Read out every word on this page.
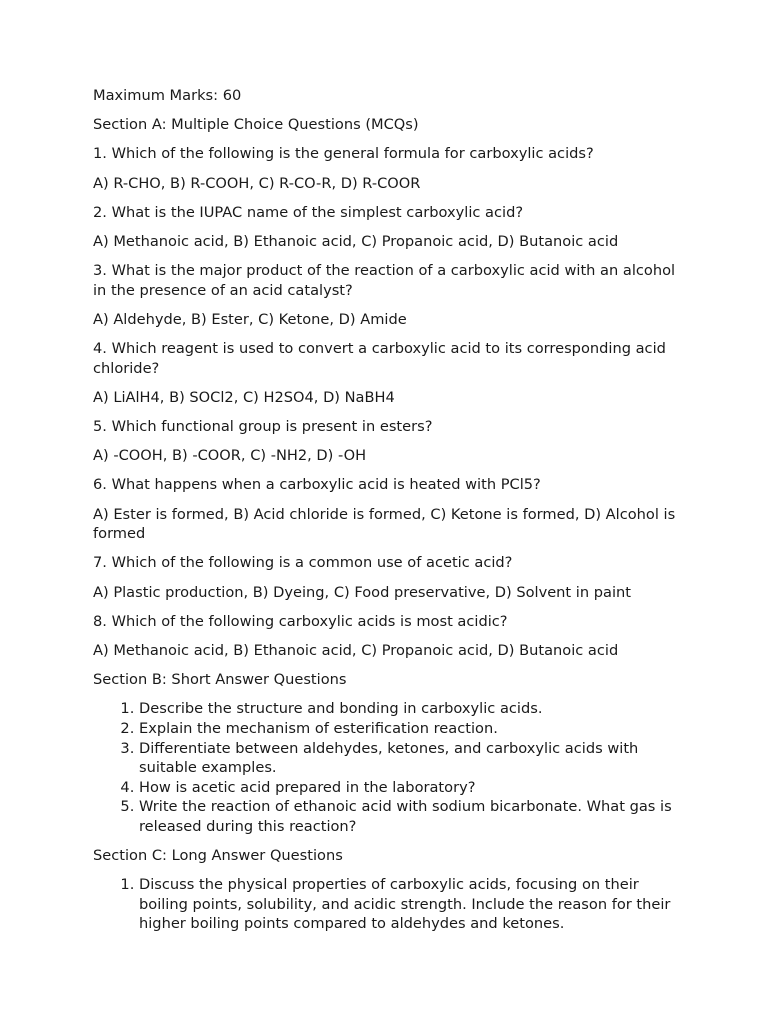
Maximum Marks: 60

Section A: Multiple Choice Questions (MCQs)

1. Which of the following is the general formula for carboxylic acids?

A) R-CHO, B) R-COOH, C) R-CO-R, D) R-COOR

2. What is the IUPAC name of the simplest carboxylic acid?

A) Methanoic acid, B) Ethanoic acid, C) Propanoic acid, D) Butanoic acid

3. What is the major product of the reaction of a carboxylic acid with an alcohol in the presence of an acid catalyst?

A) Aldehyde, B) Ester, C) Ketone, D) Amide

4. Which reagent is used to convert a carboxylic acid to its corresponding acid chloride?

A) LiAlH4, B) SOCl2, C) H2SO4, D) NaBH4

5. Which functional group is present in esters?

A) -COOH, B) -COOR, C) -NH2, D) -OH

6. What happens when a carboxylic acid is heated with PCl5?

A) Ester is formed, B) Acid chloride is formed, C) Ketone is formed, D) Alcohol is formed

7. Which of the following is a common use of acetic acid?

A) Plastic production, B) Dyeing, C) Food preservative, D) Solvent in paint

8. Which of the following carboxylic acids is most acidic?

A) Methanoic acid, B) Ethanoic acid, C) Propanoic acid, D) Butanoic acid

Section B: Short Answer Questions

1. Describe the structure and bonding in carboxylic acids.
2. Explain the mechanism of esterification reaction.
3. Differentiate between aldehydes, ketones, and carboxylic acids with suitable examples.
4. How is acetic acid prepared in the laboratory?
5. Write the reaction of ethanoic acid with sodium bicarbonate. What gas is released during this reaction?

Section C: Long Answer Questions

1. Discuss the physical properties of carboxylic acids, focusing on their boiling points, solubility, and acidic strength. Include the reason for their higher boiling points compared to aldehydes and ketones.
